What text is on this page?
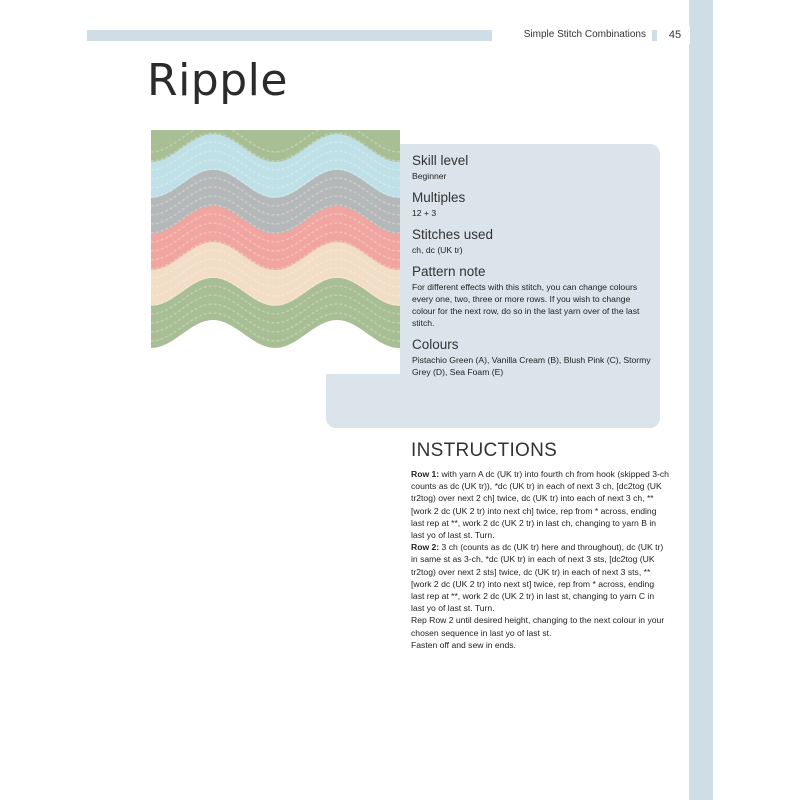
Simple Stitch Combinations	45
Ripple
Skill level

Beginner

Multiples

12 + 3

Stitches used

ch, dc (UK tr)

Pattern note

For different effects with this stitch, you can change colours every one, two, three or more rows. If you wish to change colour for the next row, do so in the last yarn over of the last stitch.

Colours

Pistachio Green (A), Vanilla Cream (B), Blush Pink (C), Stormy Grey (D), Sea Foam (E)

INSTRUCTIONS

Row 1: with yarn A dc (UK tr) into fourth ch from hook (skipped 3-ch counts as dc (UK tr)), *dc (UK tr) in each of next 3 ch, [dc2tog (UK tr2tog) over next 2 ch] twice, dc (UK tr) into each of next 3 ch, **[work 2 dc (UK 2 tr) into next ch] twice, rep from * across, ending last rep at **, work 2 dc (UK 2 tr) in last ch, changing to yarn B in last yo of last st. Turn.

Row 2: 3 ch (counts as dc (UK tr) here and throughout), dc (UK tr) in same st as 3-ch, *dc (UK tr) in each of next 3 sts, [dc2tog (UK tr2tog) over next 2 sts] twice, dc (UK tr) in each of next 3 sts, **[work 2 dc (UK 2 tr) into next st] twice, rep from * across, ending last rep at **, work 2 dc (UK 2 tr) in last st, changing to yarn C in last yo of last st. Turn.

Rep Row 2 until desired height, changing to the next colour in your chosen sequence in last yo of last st.

Fasten off and sew in ends.
